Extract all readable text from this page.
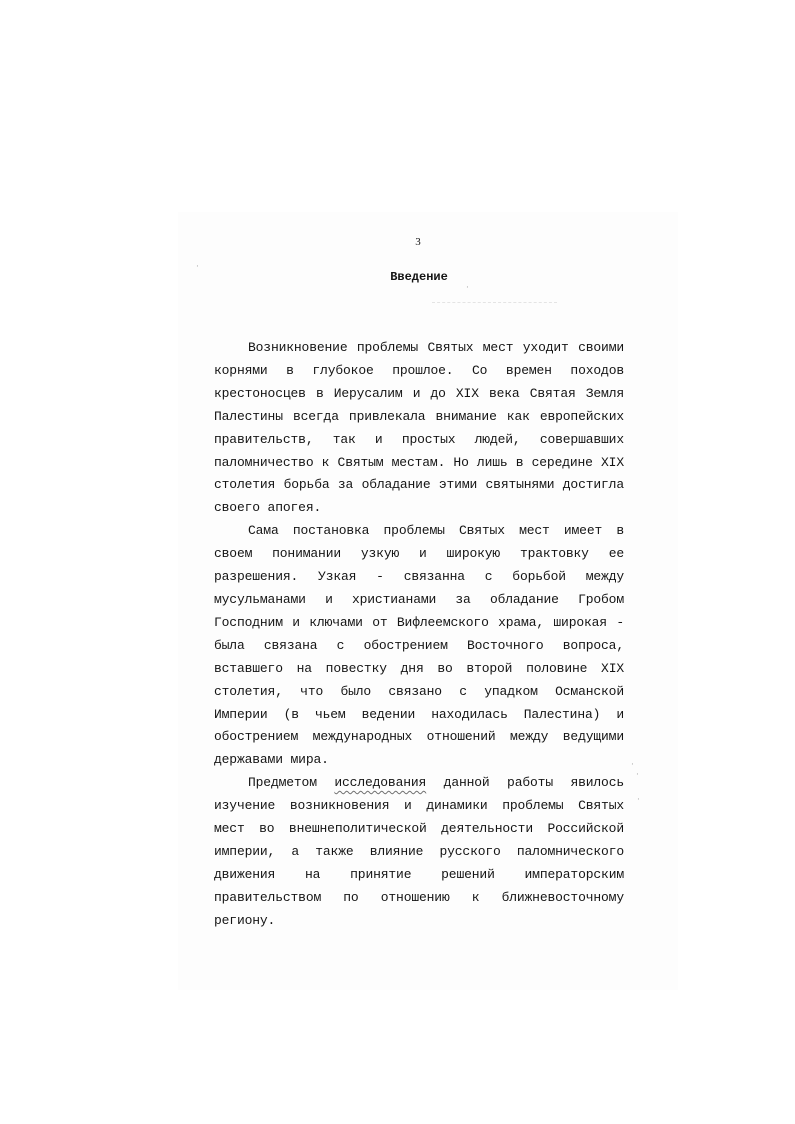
3
Введение

Возникновение проблемы Святых мест уходит своими корнями в глубокое прошлое. Со времен походов крестоносцев в Иерусалим и до XIX века Святая Земля Палестины всегда привлекала внимание как европейских правительств, так и простых людей, совершавших паломничество к Святым местам. Но лишь в середине XIX столетия борьба за обладание этими святынями достигла своего апогея.

Сама постановка проблемы Святых мест имеет в своем понимании узкую и широкую трактовку ее разрешения. Узкая - связанна с борьбой между мусульманами и христианами за обладание Гробом Господним и ключами от Вифлеемского храма, широкая - была связана с обострением Восточного вопроса, вставшего на повестку дня во второй половине XIX столетия, что было связано с упадком Османской Империи (в чьем ведении находилась Палестина) и обострением международных отношений между ведущими державами мира.

Предметом исследования данной работы явилось изучение возникновения и динамики проблемы Святых мест во внешнеполитической деятельности Российской империи, а также влияние русского паломнического движения на принятие решений императорским правительством по отношению к ближневосточному региону.

·
·
·
·
·
